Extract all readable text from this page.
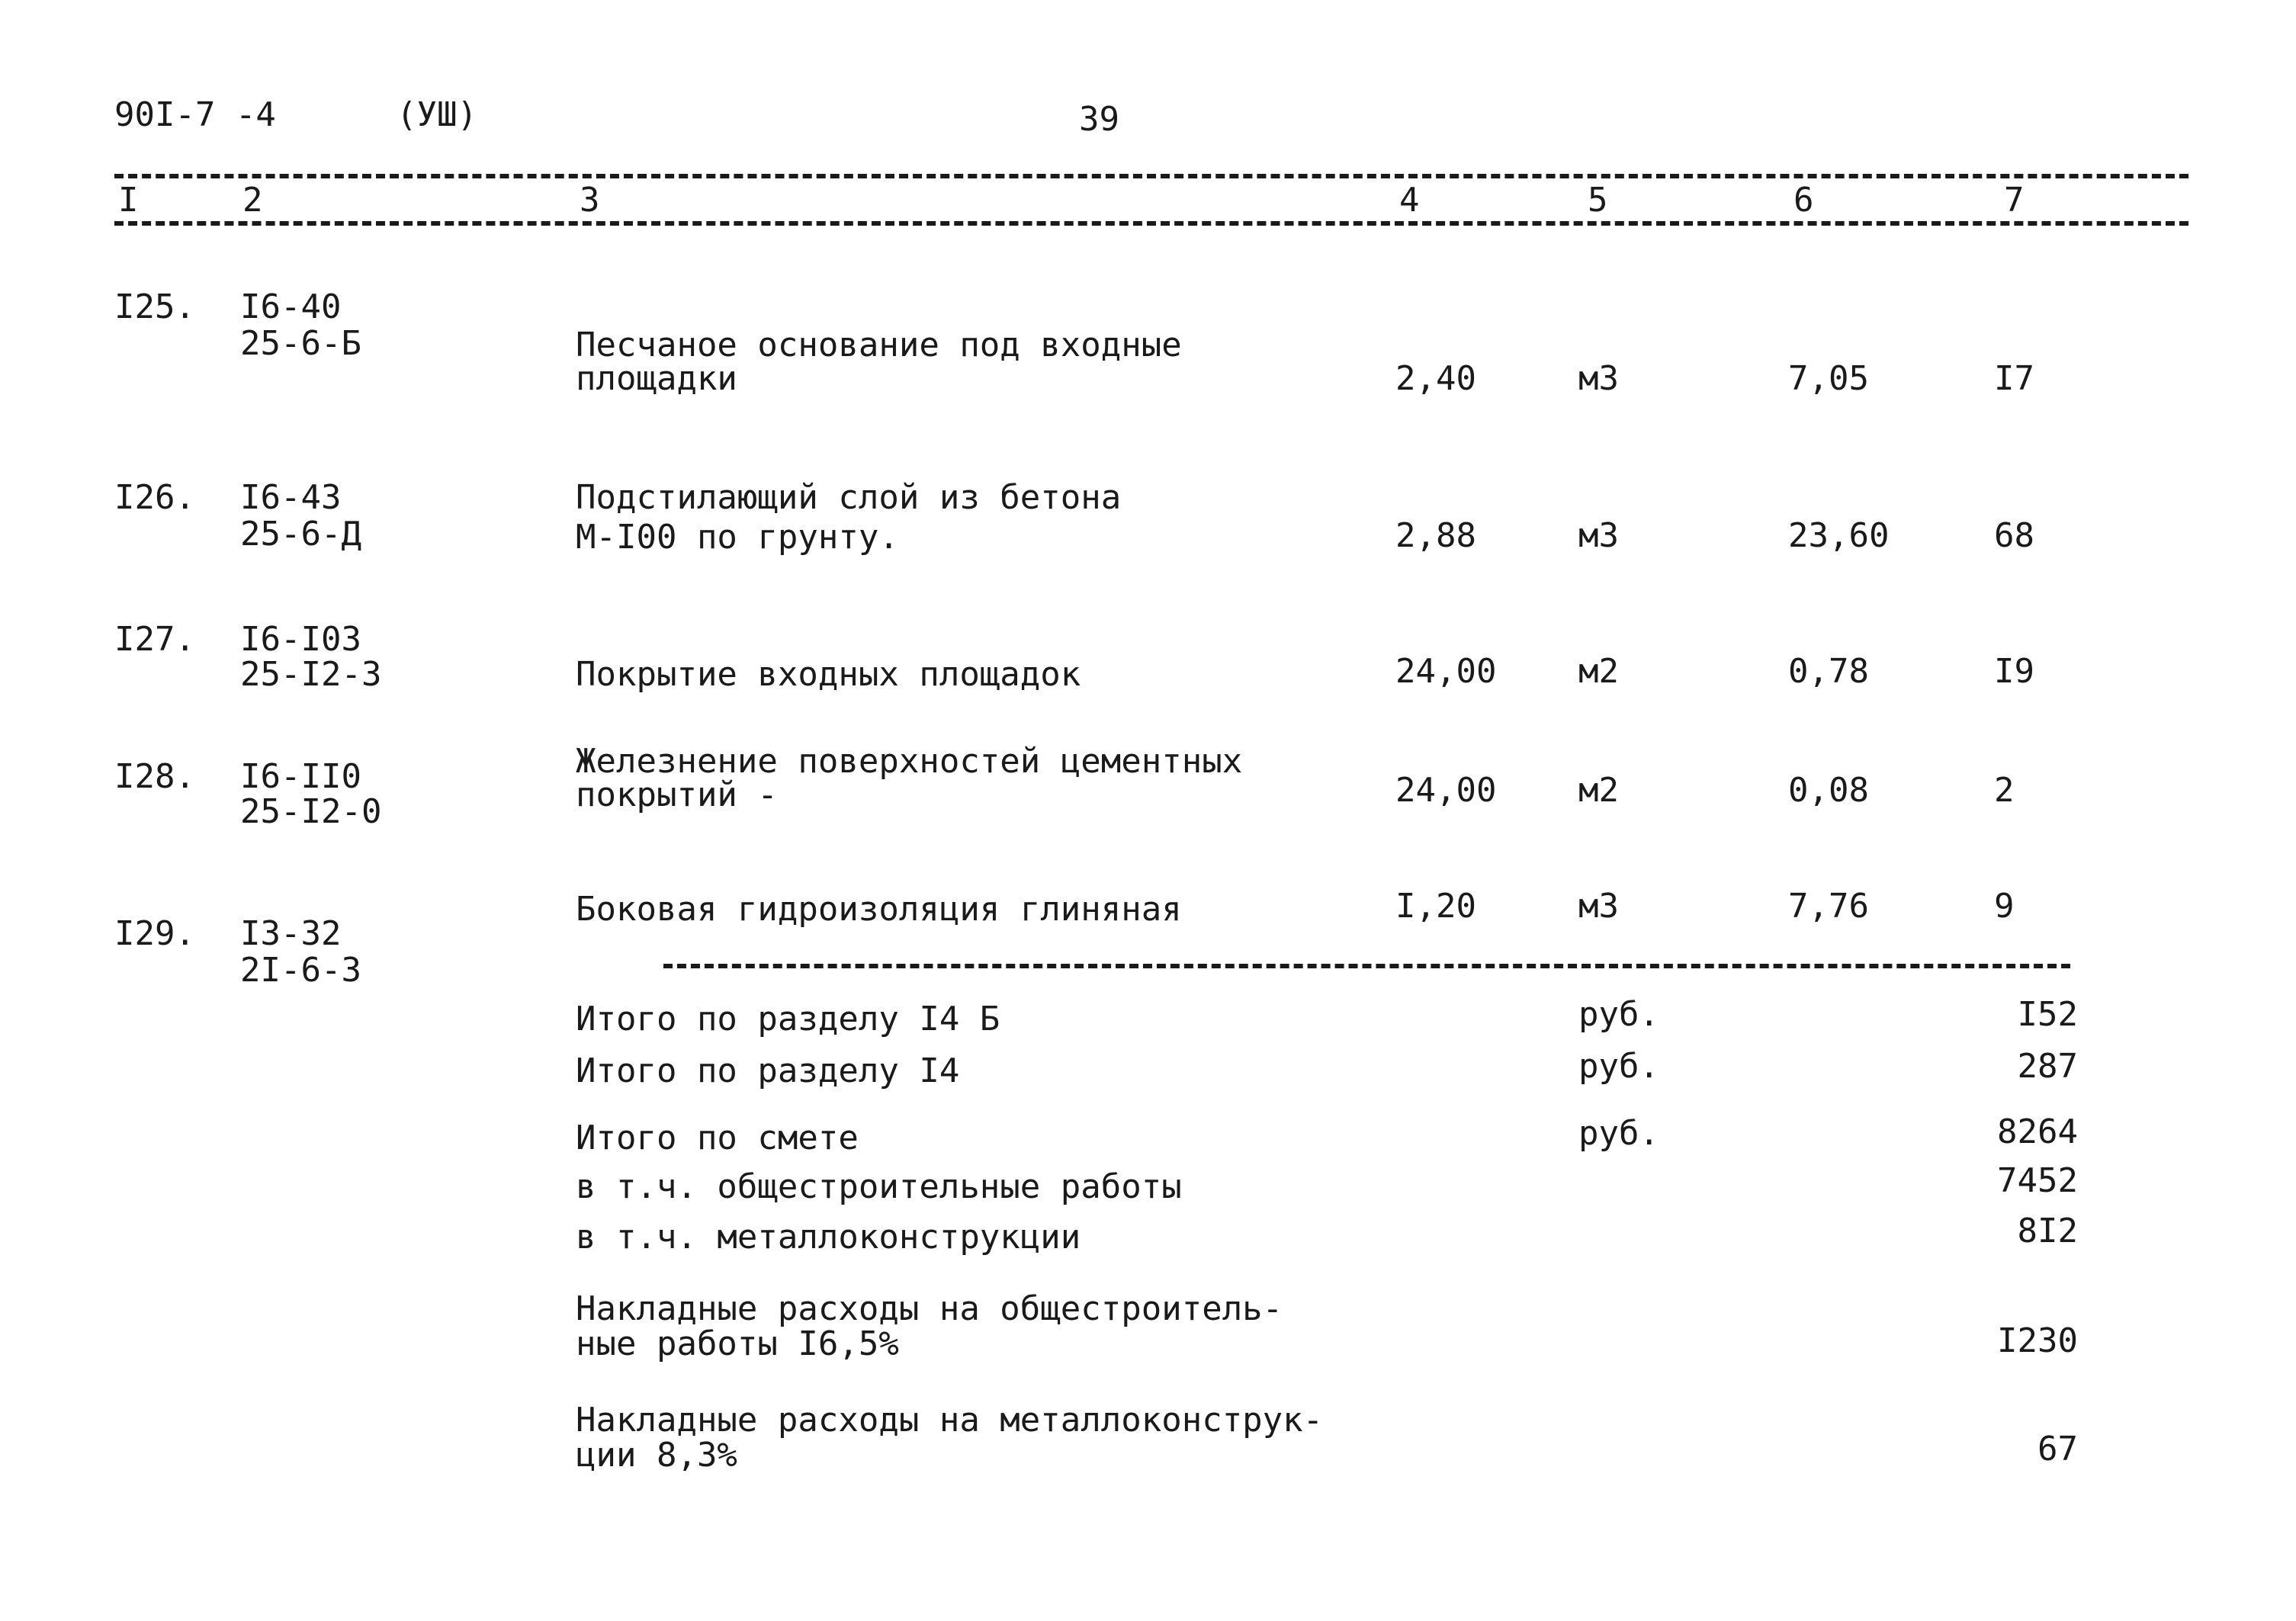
90I-7 -4	(УШ)	39
I	2	3	4	5	6	7
I25. I6-40
25-6-Б	Песчаное основание под входные
площадки	2,40	м3	7,05	I7
I26. I6-43
25-6-Д
Подстилающий слой из бетона
М-I00 по грунту.	2,88	м3	23,60	68
I27. I6-I03
25-I2-3	Покрытие входных площадок	24,00 м2	0,78	I9
I28. I6-II0
25-I2-0
Железнение поверхностей цементных
покрытий -	24,00 м2	0,08	2
I29. I3-32
2I-6-3
Боковая гидроизоляция глиняная	I,20	м3	7,76	9
Итого по разделу I4 Б	руб.	I52
Итого по разделу I4	руб.	287
Итого по смете	руб.	8264
в т.ч. общестроительные работы	7452
в т.ч. металлоконструкции	8I2
Накладные расходы на общестроитель-
ные работы I6,5%	I230
Накладные расходы на металлоконструк-
ции 8,3%	67
